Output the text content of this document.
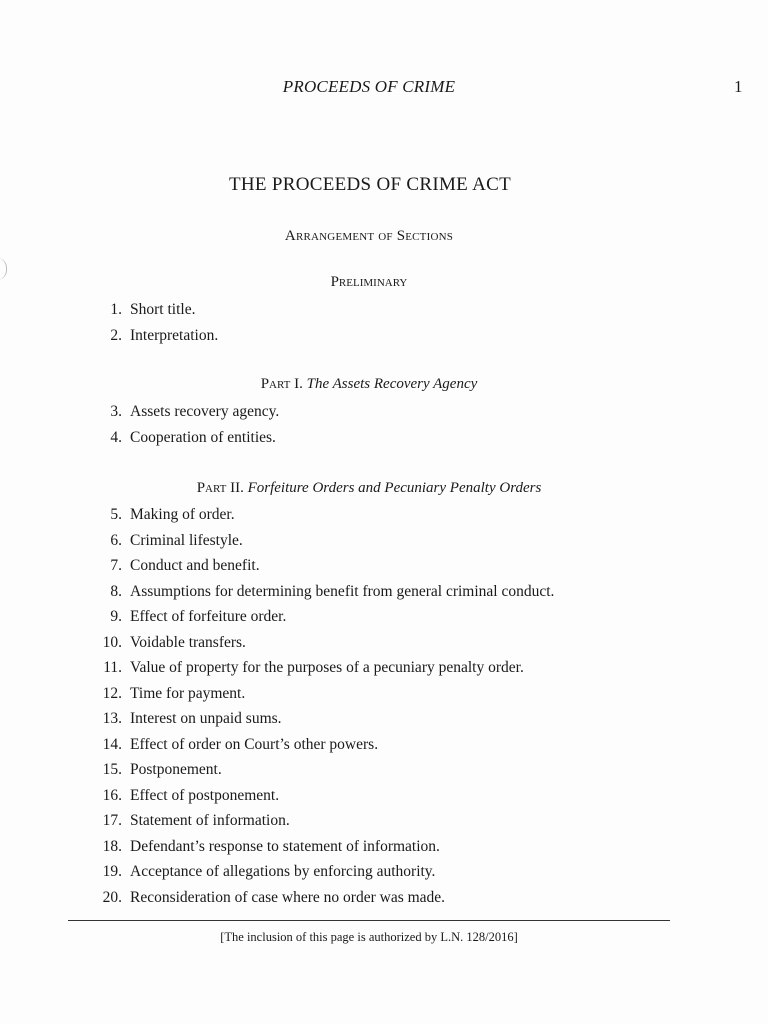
PROCEEDS OF CRIME	1
THE PROCEEDS OF CRIME ACT
Arrangement of Sections
Preliminary
1. Short title.
2. Interpretation.
Part I. The Assets Recovery Agency
3. Assets recovery agency.
4. Cooperation of entities.
Part II. Forfeiture Orders and Pecuniary Penalty Orders
5. Making of order.
6. Criminal lifestyle.
7. Conduct and benefit.
8. Assumptions for determining benefit from general criminal conduct.
9. Effect of forfeiture order.
10. Voidable transfers.
11. Value of property for the purposes of a pecuniary penalty order.
12. Time for payment.
13. Interest on unpaid sums.
14. Effect of order on Court’s other powers.
15. Postponement.
16. Effect of postponement.
17. Statement of information.
18. Defendant’s response to statement of information.
19. Acceptance of allegations by enforcing authority.
20. Reconsideration of case where no order was made.
[The inclusion of this page is authorized by L.N. 128/2016]
